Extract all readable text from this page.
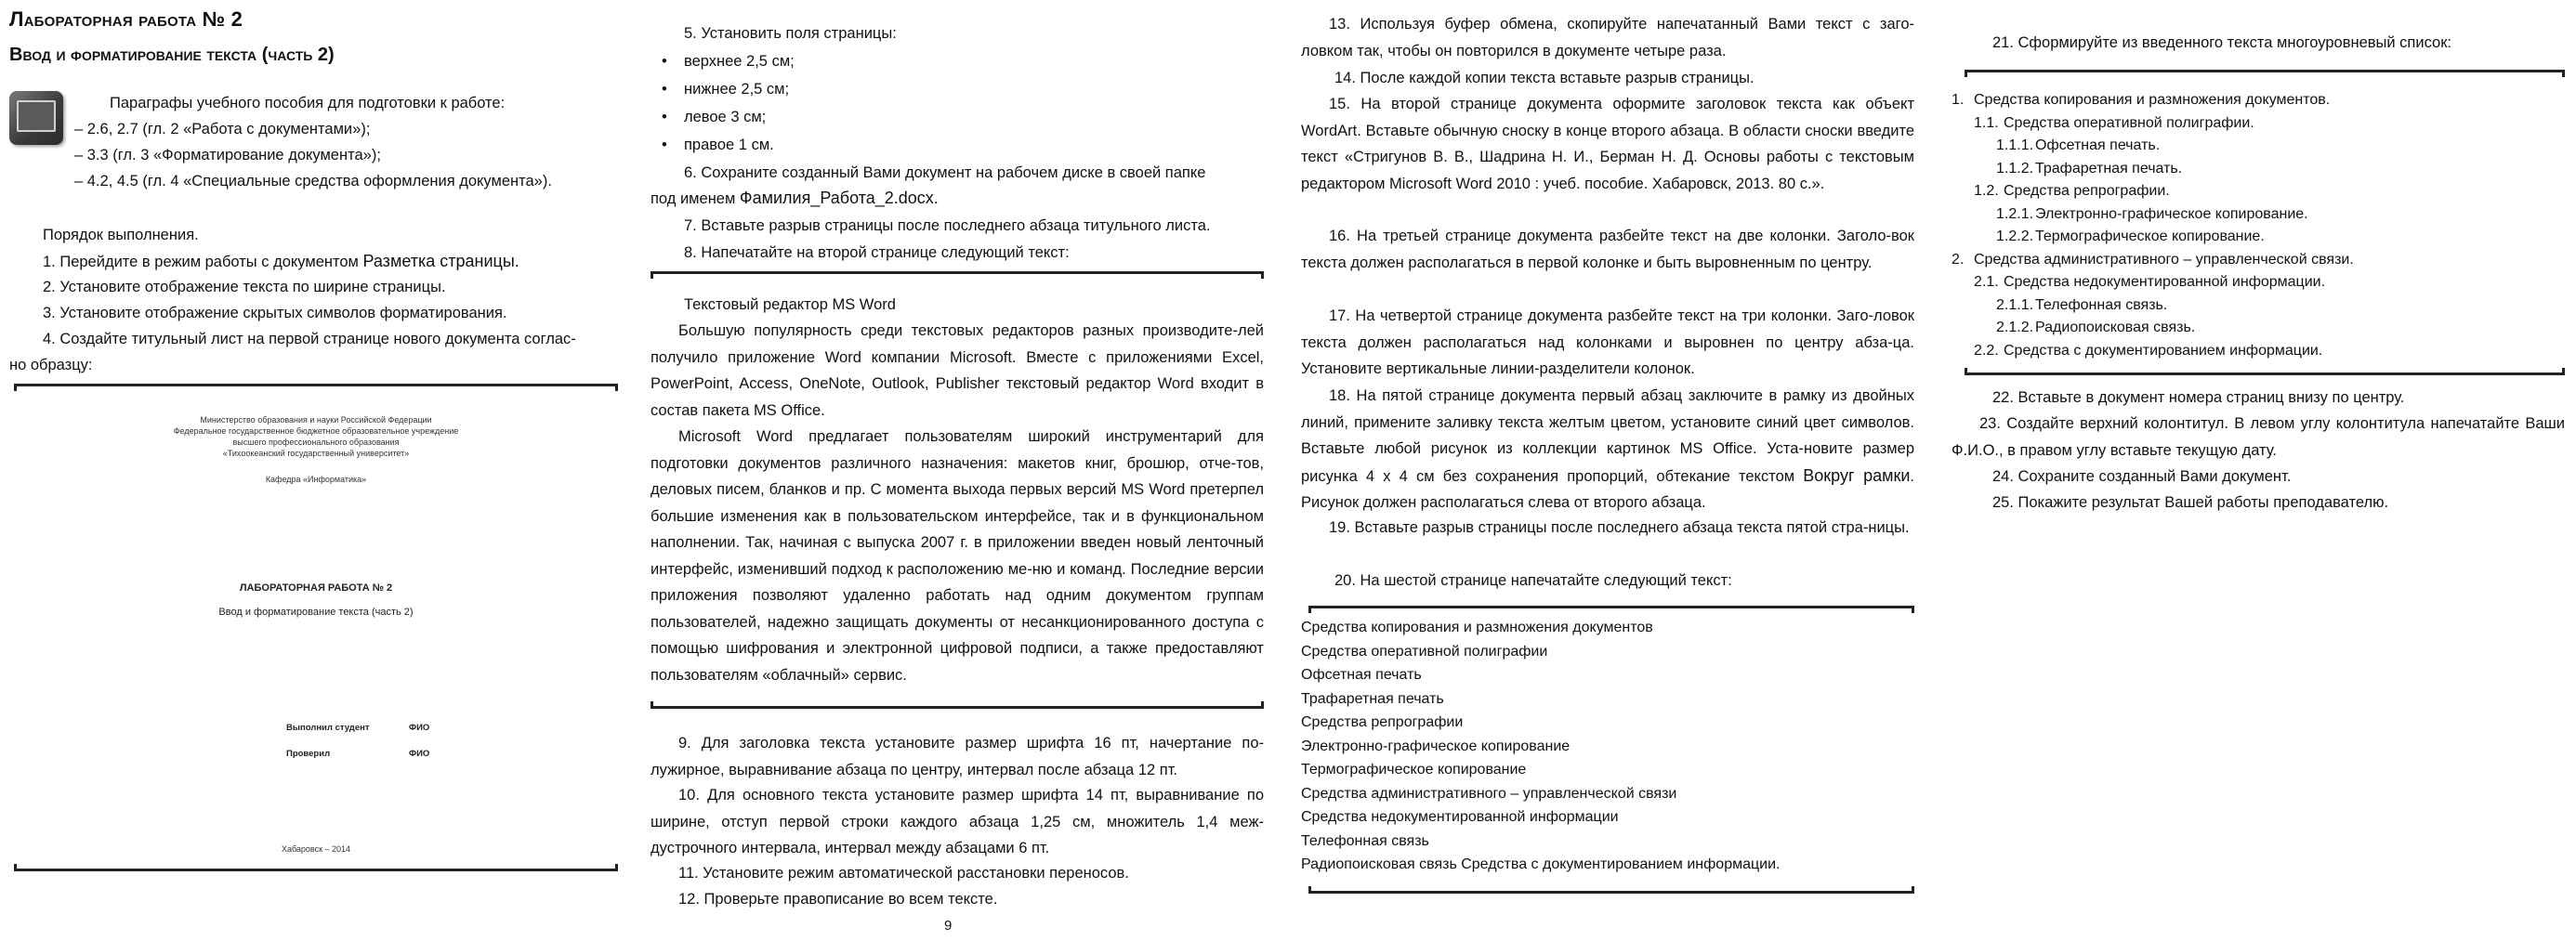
Лабораторная работа № 2
Ввод и форматирование текста (часть 2)
Параграфы учебного пособия для подготовки к работе:
– 2.6, 2.7 (гл. 2 «Работа с документами»);
– 3.3 (гл. 3 «Форматирование документа»);
– 4.2, 4.5 (гл. 4 «Специальные средства оформления документа»).
Порядок выполнения.
1. Перейдите в режим работы с документом Разметка страницы.
2. Установите отображение текста по ширине страницы.
3. Установите отображение скрытых символов форматирования.
4. Создайте титульный лист на первой странице нового документа соглас-
но образцу:
Министерство образования и науки Российской Федерации
Федеральное государственное бюджетное образовательное учреждение
высшего профессионального образования
«Тихоокеанский государственный университет»
Кафедра «Информатика»
ЛАБОРАТОРНАЯ РАБОТА № 2
Ввод и форматирование текста (часть 2)
Выполнил студент	ФИО
Проверил	ФИО
Хабаровск – 2014
5. Установить поля страницы:
• верхнее 2,5 см;
• нижнее 2,5 см;
• левое 3 см;
• правое 1 см.
6. Сохраните созданный Вами документ на рабочем диске в своей папке
под именем Фамилия_Работа_2.docx.
7. Вставьте разрыв страницы после последнего абзаца титульного листа.
8. Напечатайте на второй странице следующий текст:
Текстовый редактор MS Word
Большую популярность среди текстовых редакторов разных производите-лей получило приложение Word компании Microsoft. Вместе с приложениями Excel, PowerPoint, Access, OneNote, Outlook, Publisher текстовый редактор Word входит в состав пакета MS Office.
Microsoft Word предлагает пользователям широкий инструментарий для подготовки документов различного назначения: макетов книг, брошюр, отче-тов, деловых писем, бланков и пр. С момента выхода первых версий MS Word претерпел большие изменения как в пользовательском интерфейсе, так и в функциональном наполнении. Так, начиная с выпуска 2007 г. в приложении введен новый ленточный интерфейс, изменивший подход к расположению ме-ню и команд. Последние версии приложения позволяют удаленно работать над одним документом группам пользователей, надежно защищать документы от несанкционированного доступа с помощью шифрования и электронной цифровой подписи, а также предоставляют пользователям «облачный» сервис.
9. Для заголовка текста установите размер шрифта 16 пт, начертание по-лужирное, выравнивание абзаца по центру, интервал после абзаца 12 пт.
10. Для основного текста установите размер шрифта 14 пт, выравнивание по ширине, отступ первой строки каждого абзаца 1,25 см, множитель 1,4 меж-дустрочного интервала, интервал между абзацами 6 пт.
11. Установите режим автоматической расстановки переносов.
12. Проверьте правописание во всем тексте.
9
13. Используя буфер обмена, скопируйте напечатанный Вами текст с заго-ловком так, чтобы он повторился в документе четыре раза.
14. После каждой копии текста вставьте разрыв страницы.
15. На второй странице документа оформите заголовок текста как объект WordArt. Вставьте обычную сноску в конце второго абзаца. В области сноски введите текст «Стригунов В. В., Шадрина Н. И., Берман Н. Д. Основы работы с текстовым редактором Microsoft Word 2010 : учеб. пособие. Хабаровск, 2013. 80 с.».
16. На третьей странице документа разбейте текст на две колонки. Заголо-вок текста должен располагаться в первой колонке и быть выровненным по центру.
17. На четвертой странице документа разбейте текст на три колонки. Заго-ловок текста должен располагаться над колонками и выровнен по центру абза-ца. Установите вертикальные линии-разделители колонок.
18. На пятой странице документа первый абзац заключите в рамку из двойных линий, примените заливку текста желтым цветом, установите синий цвет символов. Вставьте любой рисунок из коллекции картинок MS Office. Уста-новите размер рисунка 4 x 4 см без сохранения пропорций, обтекание текстом Вокруг рамки. Рисунок должен располагаться слева от второго абзаца.
19. Вставьте разрыв страницы после последнего абзаца текста пятой стра-ницы.
20. На шестой странице напечатайте следующий текст:
Средства копирования и размножения документов
Средства оперативной полиграфии
Офсетная печать
Трафаретная печать
Средства репрографии
Электронно-графическое копирование
Термографическое копирование
Средства административного – управленческой связи
Средства недокументированной информации
Телефонная связь
Радиопоисковая связь Средства с документированием информации.
21. Сформируйте из введенного текста многоуровневый список:
1. Средства копирования и размножения документов.
1.1. Средства оперативной полиграфии.
1.1.1. Офсетная печать.
1.1.2. Трафаретная печать.
1.2. Средства репрографии.
1.2.1. Электронно-графическое копирование.
1.2.2. Термографическое копирование.
2. Средства административного – управленческой связи.
2.1. Средства недокументированной информации.
2.1.1. Телефонная связь.
2.1.2. Радиопоисковая связь.
2.2. Средства с документированием информации.
22. Вставьте в документ номера страниц внизу по центру.
23. Создайте верхний колонтитул. В левом углу колонтитула напечатайте Ваши Ф.И.О., в правом углу вставьте текущую дату.
24. Сохраните созданный Вами документ.
25. Покажите результат Вашей работы преподавателю.
